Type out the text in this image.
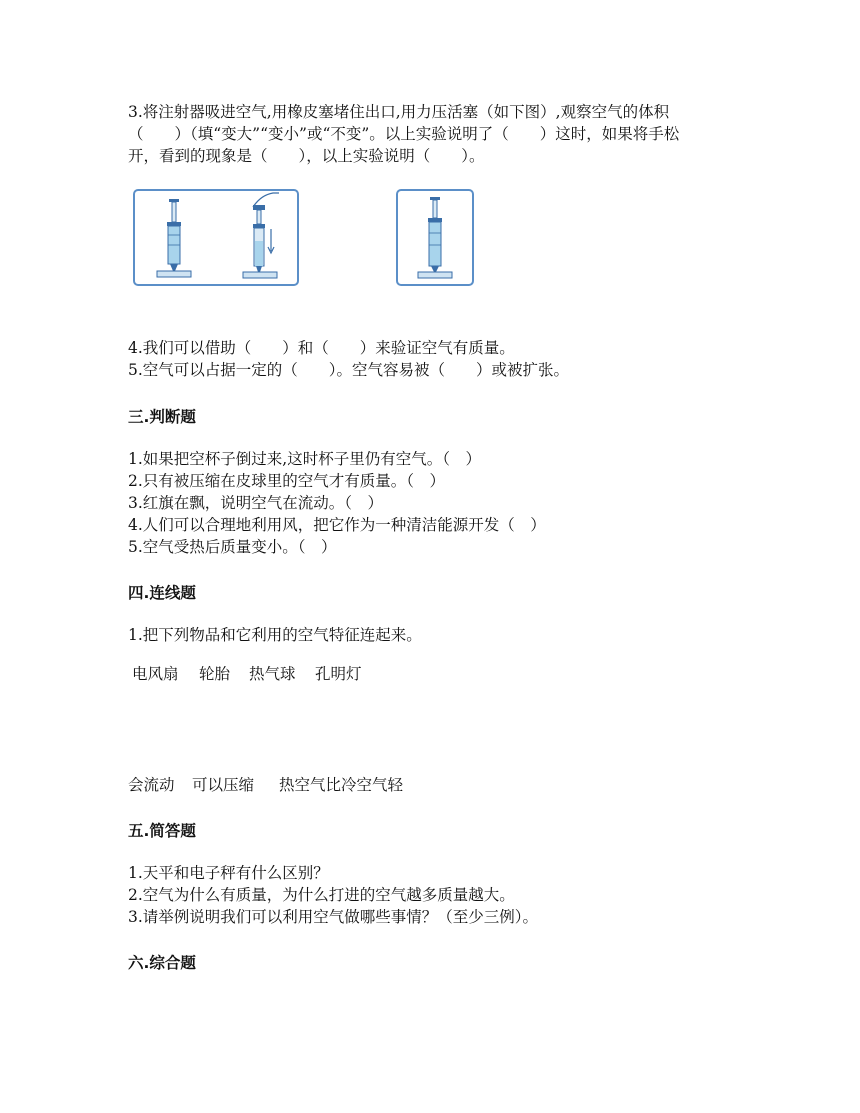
3.将注射器吸进空气,用橡皮塞堵住出口,用力压活塞（如下图）,观察空气的体积
（　　）（填“变大”“变小”或“不变”。以上实验说明了（　　）这时，如果将手松
开，看到的现象是（　　），以上实验说明（　　）。
4.我们可以借助（　　）和（　　）来验证空气有质量。
5.空气可以占据一定的（　　）。空气容易被（　　）或被扩张。
三.判断题
1.如果把空杯子倒过来,这时杯子里仍有空气。（　）
2.只有被压缩在皮球里的空气才有质量。（　）
3.红旗在飘，说明空气在流动。（　）
4.人们可以合理地利用风，把它作为一种清洁能源开发（　）
5.空气受热后质量变小。（　）
四.连线题
1.把下列物品和它利用的空气特征连起来。
电风扇 轮胎 热气球 孔明灯
会流动 可以压缩 热空气比冷空气轻
五.简答题
1.天平和电子秤有什么区别？
2.空气为什么有质量，为什么打进的空气越多质量越大。
3.请举例说明我们可以利用空气做哪些事情？（至少三例）。
六.综合题
